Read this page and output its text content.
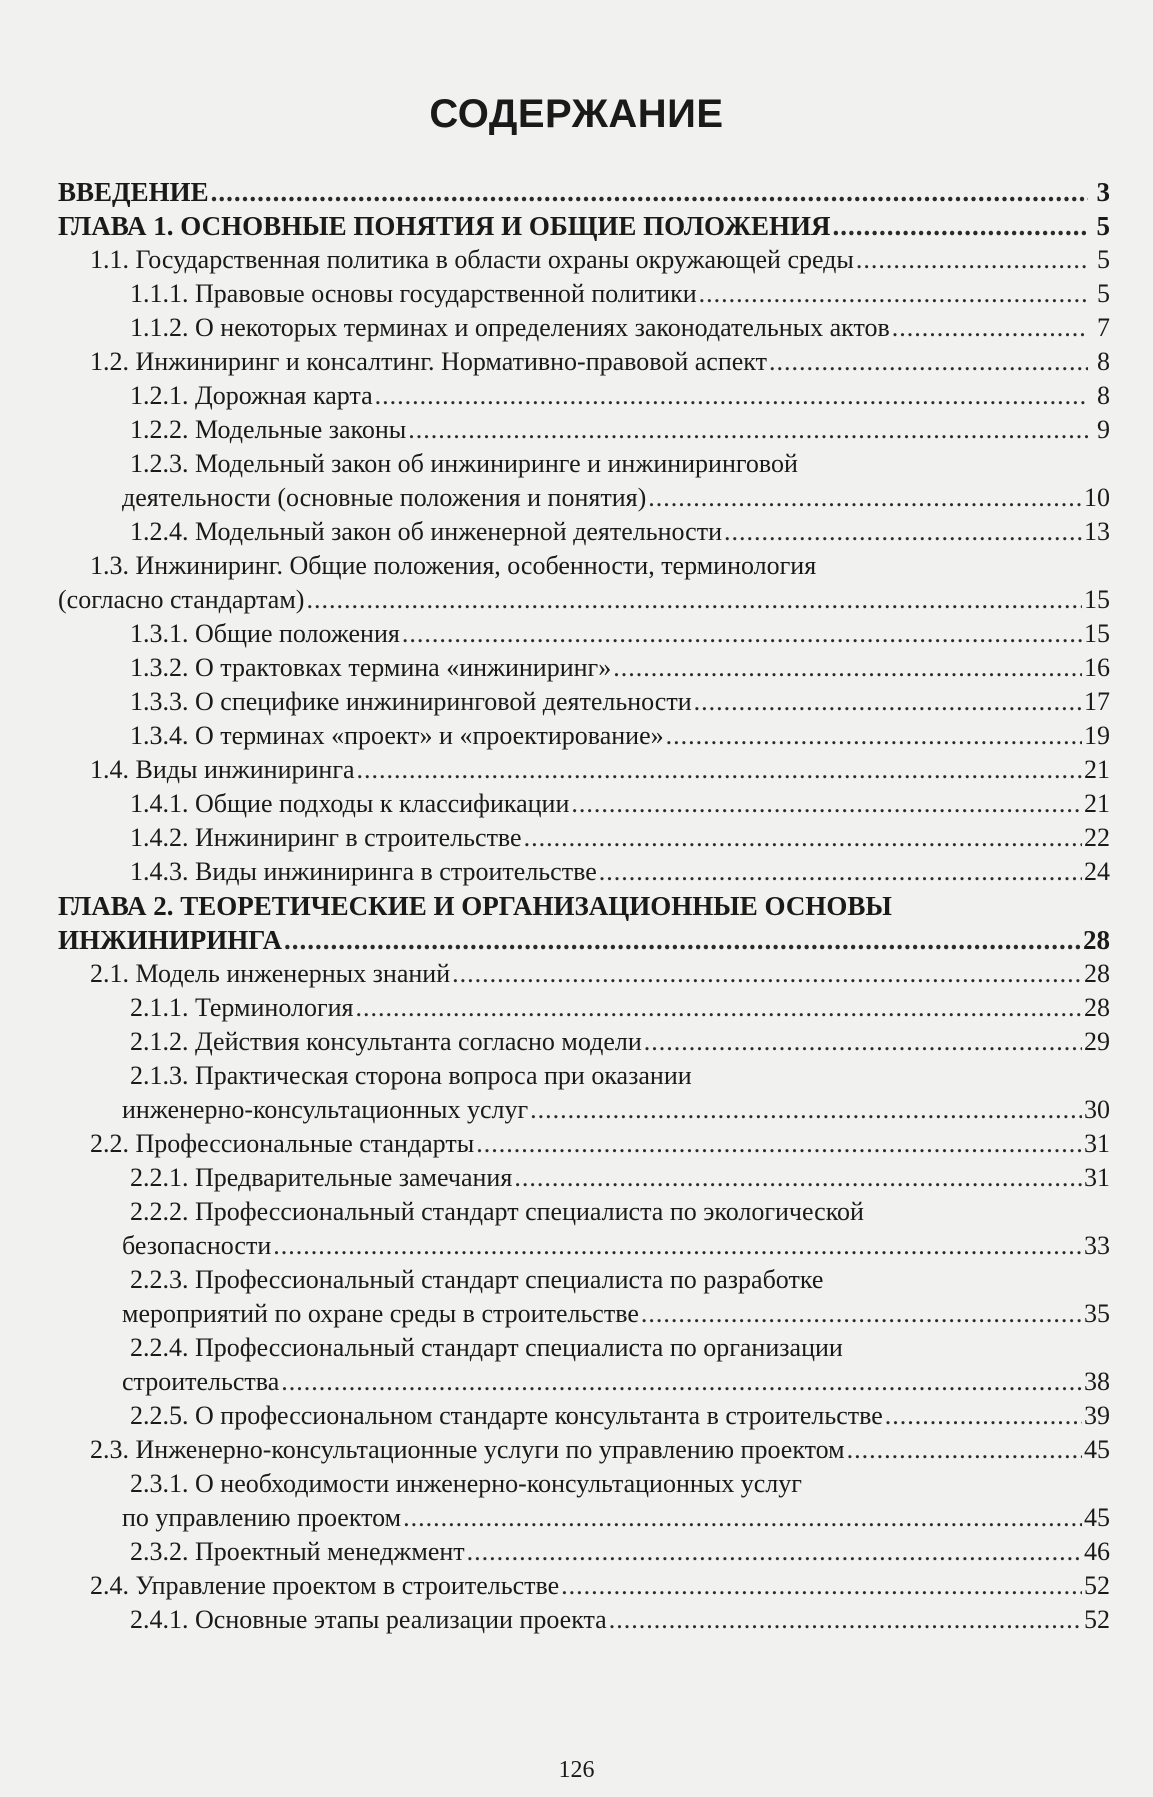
СОДЕРЖАНИЕ
ВВЕДЕНИЕ .....	3
ГЛАВА 1. ОСНОВНЫЕ ПОНЯТИЯ И ОБЩИЕ ПОЛОЖЕНИЯ .....	5
1.1. Государственная политика в области охраны окружающей среды .....	5
1.1.1. Правовые основы государственной политики .....	5
1.1.2. О некоторых терминах и определениях законодательных актов .....	7
1.2. Инжиниринг и консалтинг. Нормативно-правовой аспект .....	8
1.2.1. Дорожная карта .....	8
1.2.2. Модельные законы .....	9
1.2.3. Модельный закон об инжиниринге и инжиниринговой
деятельности (основные положения и понятия) .....	10
1.2.4. Модельный закон об инженерной деятельности .....	13
1.3. Инжиниринг. Общие положения, особенности, терминология
(согласно стандартам) .....	15
1.3.1. Общие положения .....	15
1.3.2. О трактовках термина «инжиниринг» .....	16
1.3.3. О специфике инжиниринговой деятельности .....	17
1.3.4. О терминах «проект» и «проектирование» .....	19
1.4. Виды инжиниринга .....	21
1.4.1. Общие подходы к классификации .....	21
1.4.2. Инжиниринг в строительстве .....	22
1.4.3. Виды инжиниринга в строительстве .....	24
ГЛАВА 2. ТЕОРЕТИЧЕСКИЕ И ОРГАНИЗАЦИОННЫЕ ОСНОВЫ
ИНЖИНИРИНГА .....	28
2.1. Модель инженерных знаний .....	28
2.1.1. Терминология .....	28
2.1.2. Действия консультанта согласно модели .....	29
2.1.3. Практическая сторона вопроса при оказании
инженерно-консультационных услуг .....	30
2.2. Профессиональные стандарты .....	31
2.2.1. Предварительные замечания .....	31
2.2.2. Профессиональный стандарт специалиста по экологической
безопасности .....	33
2.2.3. Профессиональный стандарт специалиста по разработке
мероприятий по охране среды в строительстве .....	35
2.2.4. Профессиональный стандарт специалиста по организации
строительства .....	38
2.2.5. О профессиональном стандарте консультанта в строительстве .....	39
2.3. Инженерно-консультационные услуги по управлению проектом .....	45
2.3.1. О необходимости инженерно-консультационных услуг
по управлению проектом .....	45
2.3.2. Проектный менеджмент .....	46
2.4. Управление проектом в строительстве .....	52
2.4.1. Основные этапы реализации проекта .....	52
126
